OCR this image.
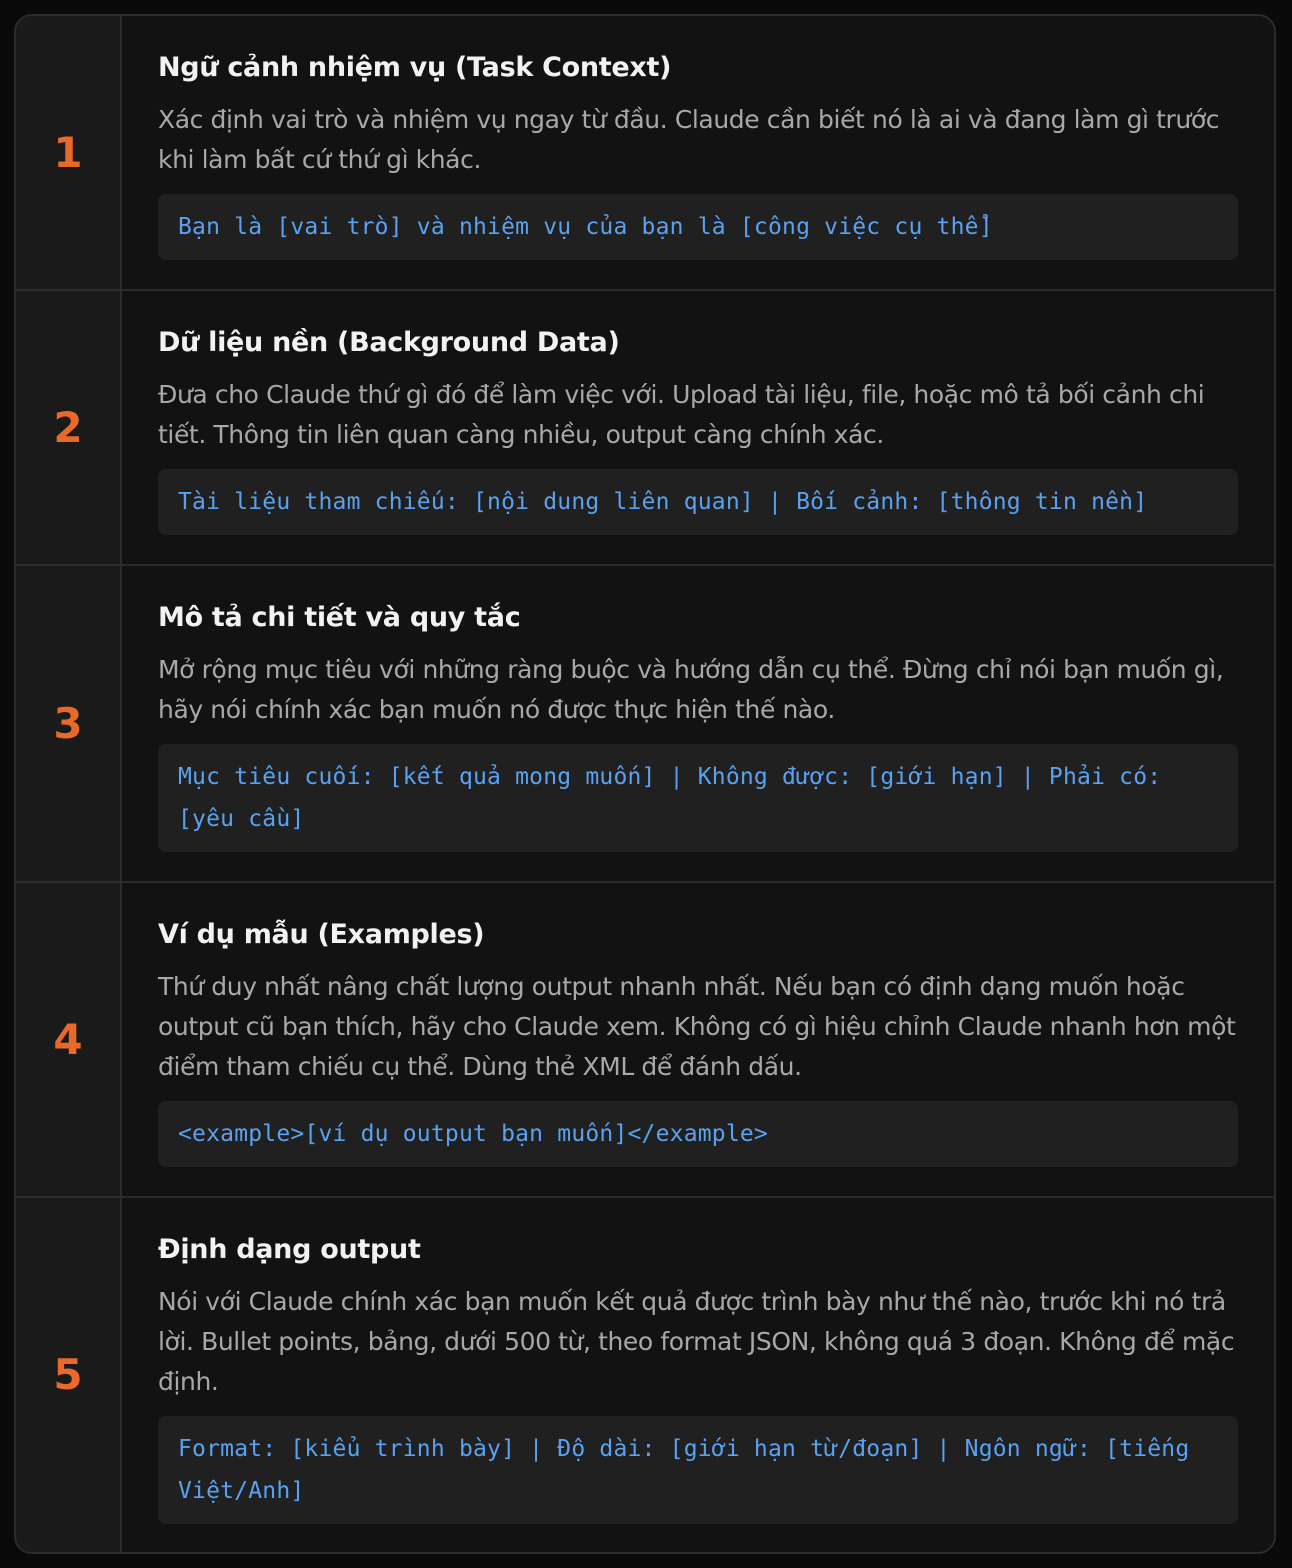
1
Ngữ cảnh nhiệm vụ (Task Context)
Xác định vai trò và nhiệm vụ ngay từ đầu. Claude cần biết nó là ai và đang làm gì trước khi làm bất cứ thứ gì khác.
Bạn là [vai trò] và nhiệm vụ của bạn là [công việc cụ thể]
2
Dữ liệu nền (Background Data)
Đưa cho Claude thứ gì đó để làm việc với. Upload tài liệu, file, hoặc mô tả bối cảnh chi tiết. Thông tin liên quan càng nhiều, output càng chính xác.
Tài liệu tham chiếu: [nội dung liên quan] | Bối cảnh: [thông tin nền]
3
Mô tả chi tiết và quy tắc
Mở rộng mục tiêu với những ràng buộc và hướng dẫn cụ thể. Đừng chỉ nói bạn muốn gì, hãy nói chính xác bạn muốn nó được thực hiện thế nào.
Mục tiêu cuối: [kết quả mong muốn] | Không được: [giới hạn] | Phải có: [yêu cầu]
4
Ví dụ mẫu (Examples)
Thứ duy nhất nâng chất lượng output nhanh nhất. Nếu bạn có định dạng muốn hoặc output cũ bạn thích, hãy cho Claude xem. Không có gì hiệu chỉnh Claude nhanh hơn một điểm tham chiếu cụ thể. Dùng thẻ XML để đánh dấu.
<example>[ví dụ output bạn muốn]</example>
5
Định dạng output
Nói với Claude chính xác bạn muốn kết quả được trình bày như thế nào, trước khi nó trả lời. Bullet points, bảng, dưới 500 từ, theo format JSON, không quá 3 đoạn. Không để mặc định.
Format: [kiểu trình bày] | Độ dài: [giới hạn từ/đoạn] | Ngôn ngữ: [tiếng Việt/Anh]
